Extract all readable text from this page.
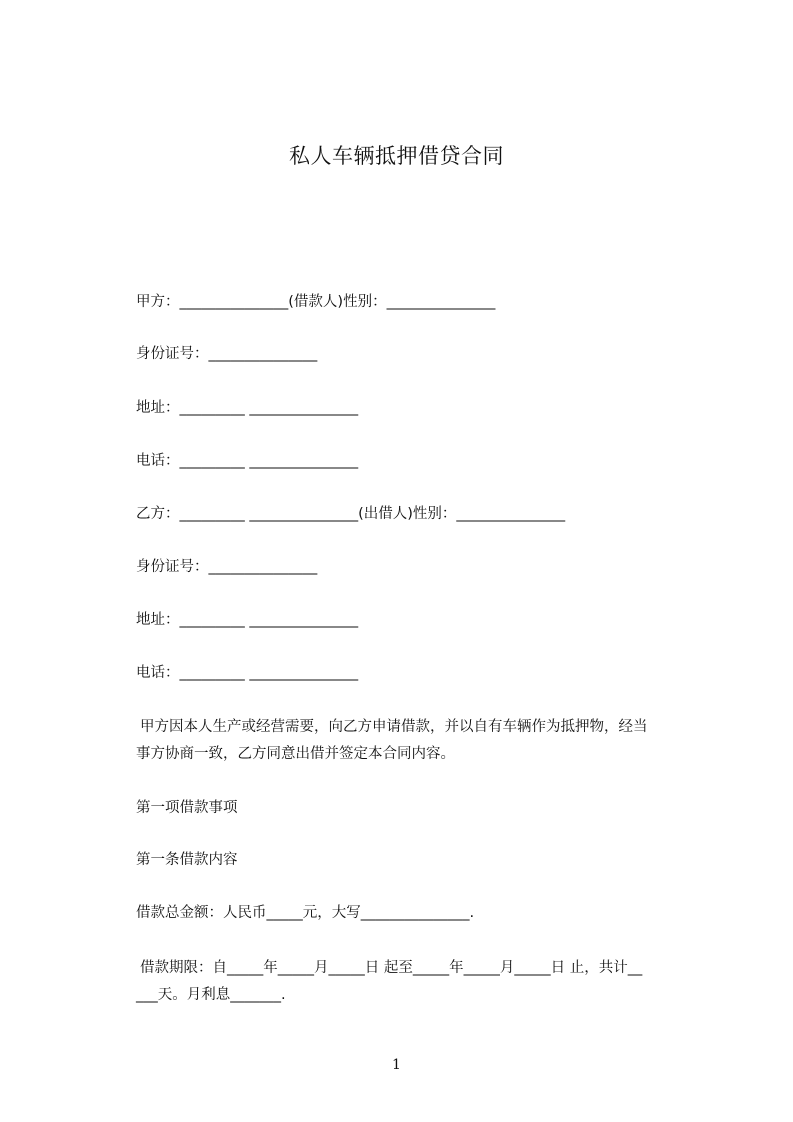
私人车辆抵押借贷合同
甲方：_______________(借款人)性别：_______________
身份证号：_______________
地址：_________ _______________
电话：_________ _______________
乙方：_________ _______________(出借人)性别：_______________
身份证号：_______________
地址：_________ _______________
电话：_________ _______________
甲方因本人生产或经营需要，向乙方申请借款，并以自有车辆作为抵押物，经当
事方协商一致，乙方同意出借并签定本合同内容。
第一项借款事项
第一条借款内容
借款总金额：人民币_____元，大写_______________.
借款期限：自_____年_____月_____日 起至_____年_____月_____日 止，共计__
___天。月利息_______.
1
